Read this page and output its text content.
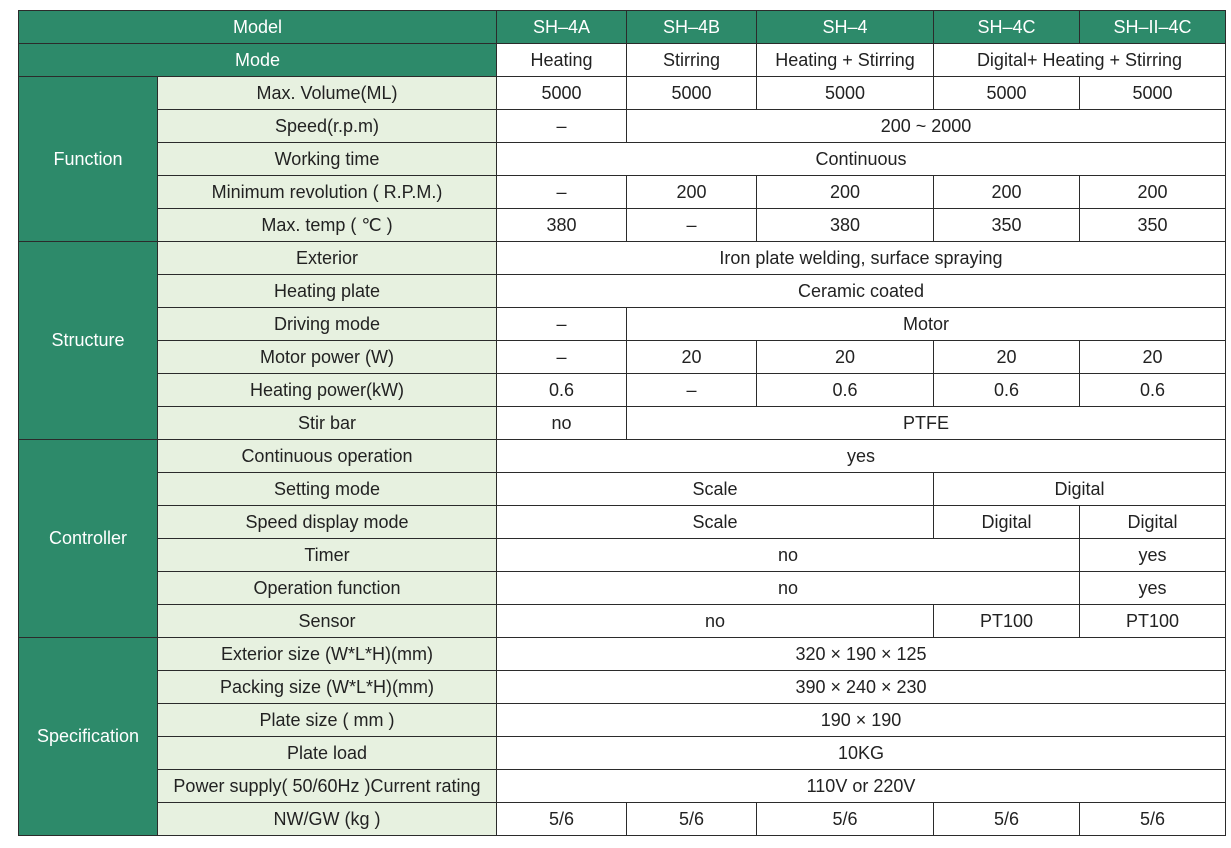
Model		SH–4A	SH–4B	SH–4	SH–4C	SH–II–4C
Mode		Heating	Stirring	Heating + Stirring	Digital+ Heating + Stirring	
Function	Max. Volume(ML)	5000	5000	5000	5000	5000
	Speed(r.p.m)	–	200 ~ 2000			
	Working time	Continuous				
	Minimum revolution ( R.P.M.)	–	200	200	200	200
	Max. temp ( ℃ )	380	–	380	350	350
Structure	Exterior	Iron plate welding, surface spraying				
	Heating plate	Ceramic coated				
	Driving mode	–	Motor			
	Motor power (W)	–	20	20	20	20
	Heating power(kW)	0.6	–	0.6	0.6	0.6
	Stir bar	no	PTFE			
Controller	Continuous operation	yes				
	Setting mode	Scale			Digital	
	Speed display mode	Scale			Digital	Digital
	Timer	no				yes
	Operation function	no				yes
	Sensor	no			PT100	PT100
Specification	Exterior size (W*L*H)(mm)	320 × 190 × 125				
	Packing size (W*L*H)(mm)	390 × 240 × 230				
	Plate size ( mm )	190 × 190				
	Plate load	10KG				
	Power supply( 50/60Hz )Current rating	110V or 220V				
	NW/GW (kg )	5/6	5/6	5/6	5/6	5/6
